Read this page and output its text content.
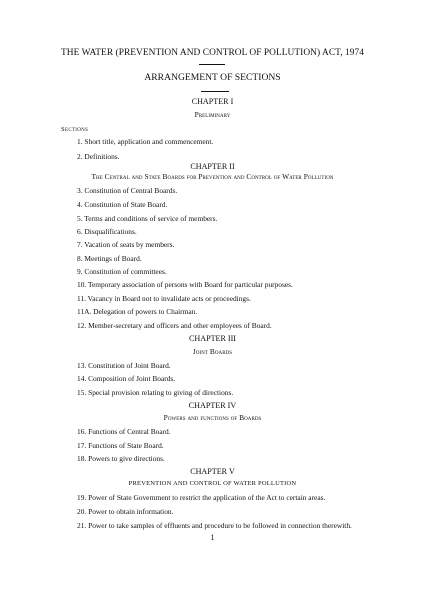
THE WATER (PREVENTION AND CONTROL OF POLLUTION) ACT, 1974
ARRANGEMENT OF SECTIONS
CHAPTER I
Preliminary
Sections
1. Short title, application and commencement.
2. Definitions.
CHAPTER II
The Central and State Boards for Prevention and Control of Water Pollution
3. Constitution of Central Boards.
4. Constitution of State Board.
5. Terms and conditions of service of members.
6. Disqualifications.
7. Vacation of seats by members.
8. Meetings of Board.
9. Constitution of committees.
10. Temporary association of persons with Board for particular purposes.
11. Vacancy in Board not to invalidate acts or proceedings.
11A. Delegation of powers to Chairman.
12. Member-secretary and officers and other employees of Board.
CHAPTER III
Joint Boards
13. Constitution of Joint Board.
14. Composition of Joint Boards.
15. Special provision relating to giving of directions.
CHAPTER IV
Powers and functions of Boards
16. Functions of Central Board.
17. Functions of State Board.
18. Powers to give directions.
CHAPTER V
PREVENTION AND CONTROL OF WATER POLLUTION
19. Power of State Government to restrict the application of the Act to certain areas.
20. Power to obtain information.
21. Power to take samples of effluents and procedure to be followed in connection therewith.
1
